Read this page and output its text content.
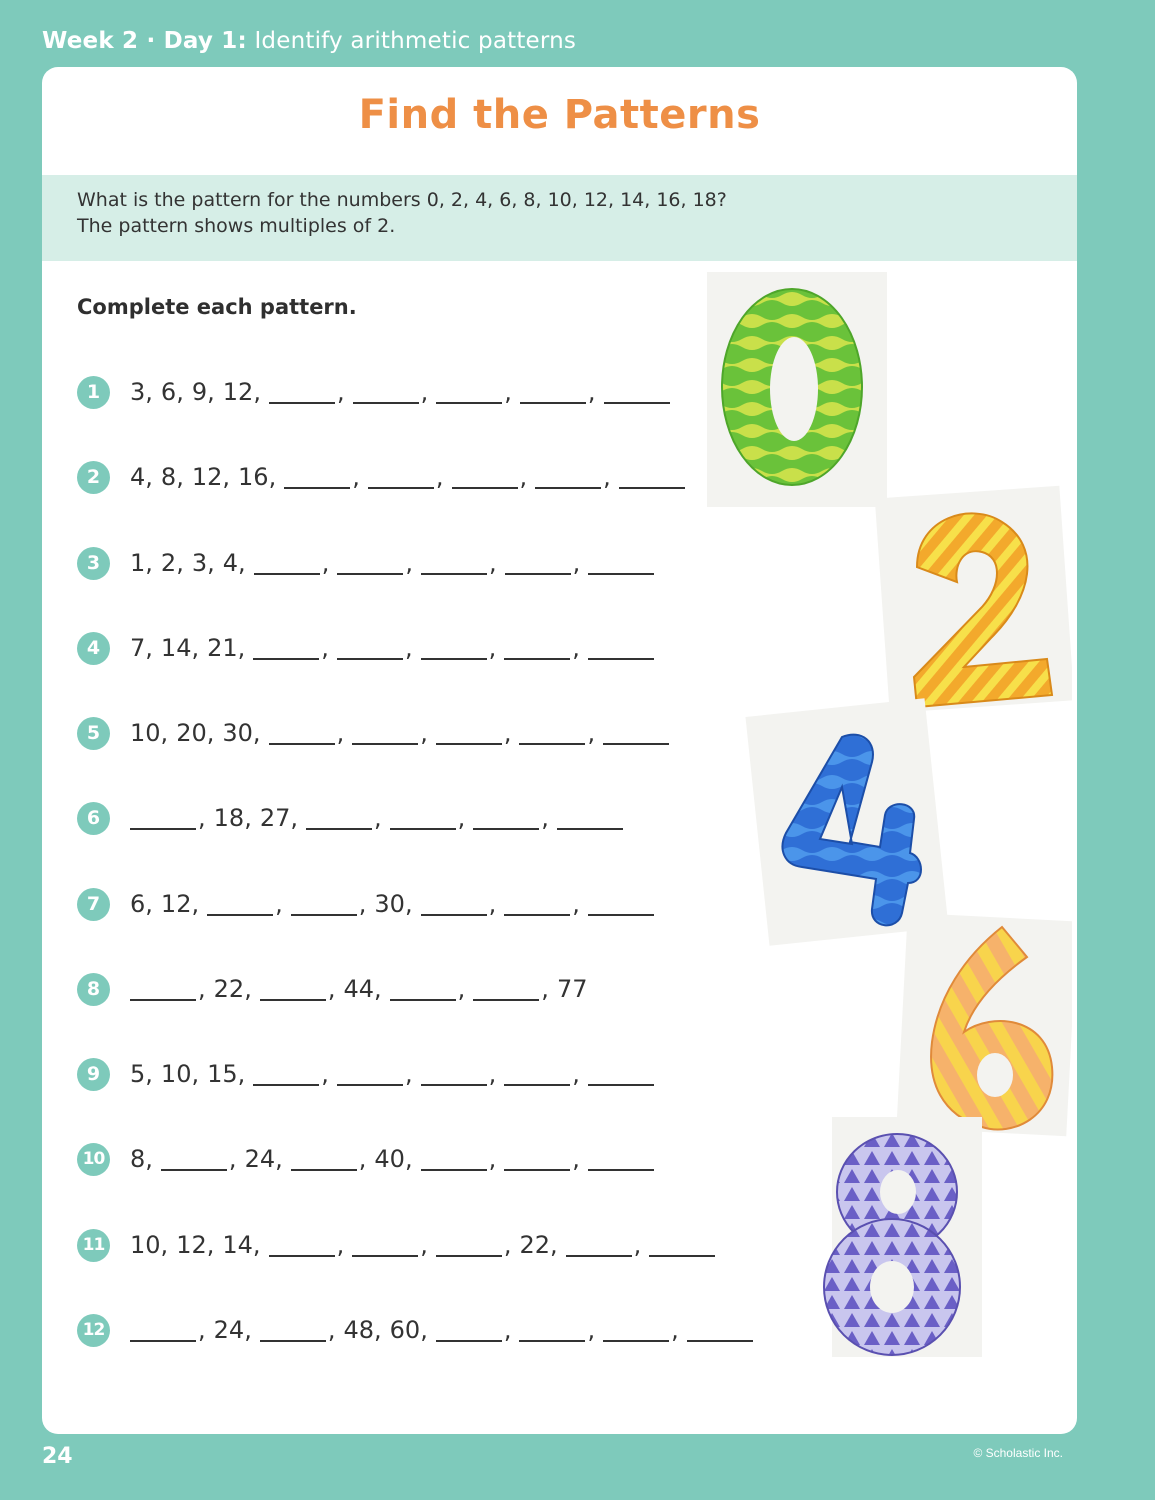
Week 2 · Day 1: Identify arithmetic patterns
Find the Patterns
What is the pattern for the numbers 0, 2, 4, 6, 8, 10, 12, 14, 16, 18?
The pattern shows multiples of 2.
Complete each pattern.
1	3 , 6 , 9 , 12 ,	,	,	,	,
2	4 , 8 , 12 , 16 ,	,	,	,	,
3	1 , 2 , 3 , 4 ,	,	,	,	,
4	7 , 14 , 21 ,	,	,	,	,
5	10 , 20 , 30 ,	,	,	,	,
6	, 18 , 27 ,	,	,	,
7	6 , 12 ,	,	, 30 ,	,	,
8	, 22 ,	, 44 ,	,	, 77
9	5 , 10 , 15 ,	,	,	,	,
10 8 ,	, 24 ,	, 40 ,	,	,
11 10 , 12 , 14 ,	,	,	, 22 ,	,
12	, 24 ,	, 48 , 60 ,	,	,	,
24	© Scholastic Inc.
